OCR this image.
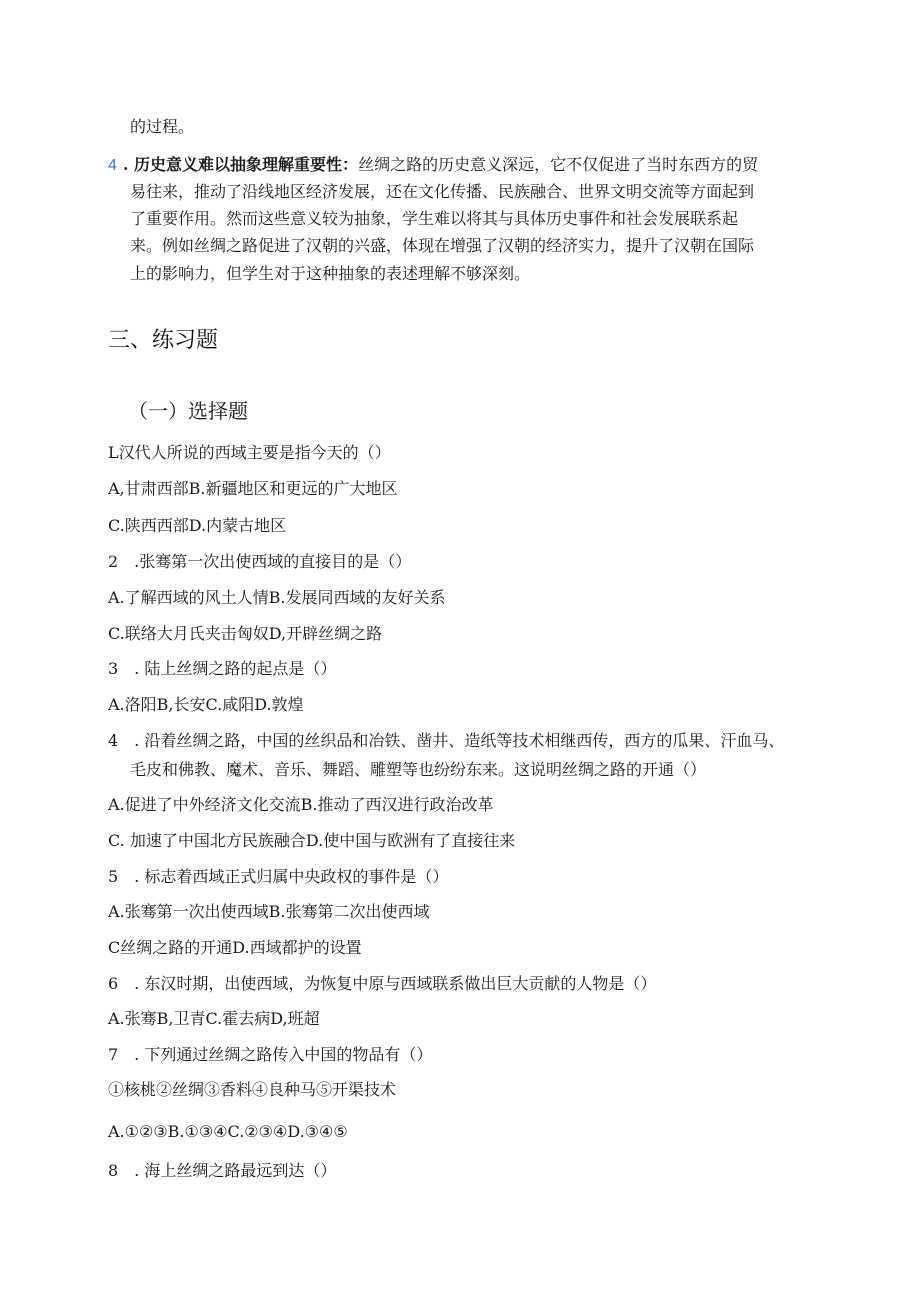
的过程。
4 . 历史意义难以抽象理解重要性：丝绸之路的历史意义深远，它不仅促进了当时东西方的贸
易往来，推动了沿线地区经济发展，还在文化传播、民族融合、世界文明交流等方面起到
了重要作用。然而这些意义较为抽象，学生难以将其与具体历史事件和社会发展联系起
来。例如丝绸之路促进了汉朝的兴盛，体现在增强了汉朝的经济实力，提升了汉朝在国际
上的影响力，但学生对于这种抽象的表述理解不够深刻。
三、练习题
（一）选择题
L汉代人所说的西域主要是指今天的（）
A,甘肃西部B.新疆地区和更远的广大地区
C.陕西西部D.内蒙古地区
2　.张骞第一次出使西域的直接目的是（）
A.了解西域的风土人情B.发展同西域的友好关系
C.联络大月氏夹击匈奴D,开辟丝绸之路
3　. 陆上丝绸之路的起点是（）
A.洛阳B,长安C.咸阳D.敦煌
4　. 沿着丝绸之路，中国的丝织品和冶铁、凿井、造纸等技术相继西传，西方的瓜果、汗血马、
毛皮和佛教、魔术、音乐、舞蹈、雕塑等也纷纷东来。这说明丝绸之路的开通（）
A.促进了中外经济文化交流B.推动了西汉进行政治改革
C. 加速了中国北方民族融合D.使中国与欧洲有了直接往来
5　. 标志着西域正式归属中央政权的事件是（）
A.张骞第一次出使西域B.张骞第二次出使西域
C丝绸之路的开通D.西域都护的设置
6　. 东汉时期，出使西域，为恢复中原与西域联系做出巨大贡献的人物是（）
A.张骞B,卫青C.霍去病D,班超
7　. 下列通过丝绸之路传入中国的物品有（）
①核桃②丝绸③香料④良种马⑤开渠技术
A.①②③B.①③④C.②③④D.③④⑤
8　. 海上丝绸之路最远到达（）
